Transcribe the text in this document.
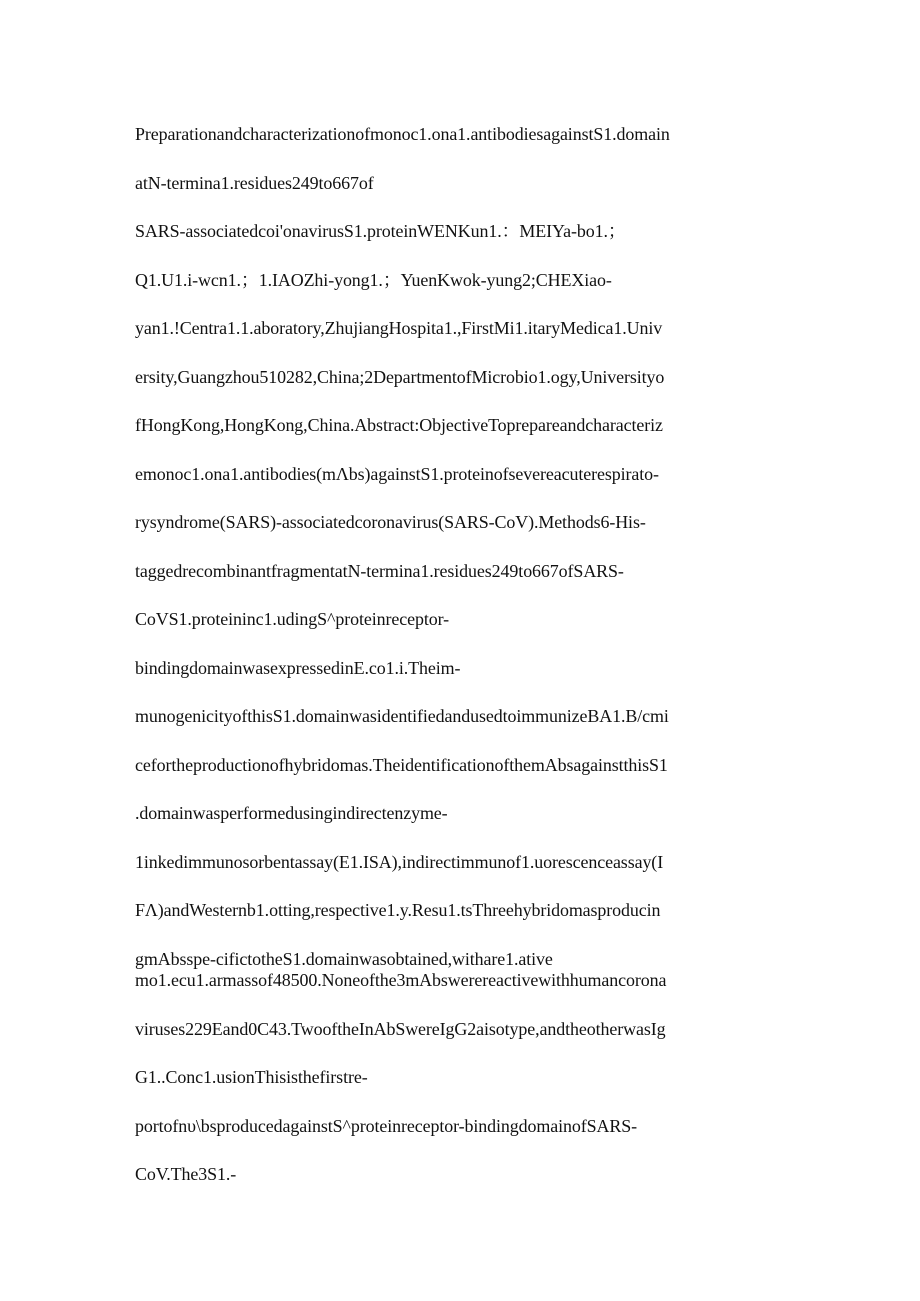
Preparationandcharacterizationofmonoc1.ona1.antibodiesagainstS1.domain
atN-termina1.residues249to667of
SARS-associatedcoi'onavirusS1.proteinWENKun1.：MEIYa-bo1.；
Q1.U1.i-wcn1.；1.IAOZhi-yong1.；YuenKwok-yung2;CHEXiao-
yan1.!Centra1.1.aboratory,ZhujiangHospita1.,FirstMi1.itaryMedica1.Univ
ersity,Guangzhou510282,China;2DepartmentofMicrobio1.ogy,Universityo
fHongKong,HongKong,China.Abstract:ObjectiveTopreparеandcharacteriz
emonoc1.ona1.antibodies(mΛbs)againstS1.proteinofsevereacuterespirato-
rysyndrome(SARS)-associatedcoronavirus(SARS-CoV).Methods6-His-
taggedrecombinantfragmentatN-termina1.residues249to667ofSARS-
CoVS1.proteininc1.udingS^proteinreceptor-
bindingdomainwasexpressedinE.co1.i.Theim-
munogenicityofthisS1.domainwasidentifiedandusedtoimmunizeBA1.B/cmi
cefortheproductionofhybridomas.TheidentificationofthemAbsagainstthisS1
.domainwasperformedusingindirectenzyme-
1inkedimmunosorbentassay(E1.ISA),indirectimmunof1.uorescenceassay(I
FΛ)andWesternb1.otting,respective1.y.Resu1.tsThreehybridomasproducin
gmAbsspe-cifictotheS1.domainwasobtained,withare1.ative
mo1.ecu1.armassof48500.Noneofthe3mAbswerereactivewithhumancorona
viruses229Eand0C43.TwooftheInAbSwereIgG2aisotype,andtheotherwasIg
G1..Conc1.usionThisisthefirstre-
portofnυ\bsproducedagainstS^proteinreceptor-bindingdomainofSARS-
CoV.The3S1.-
